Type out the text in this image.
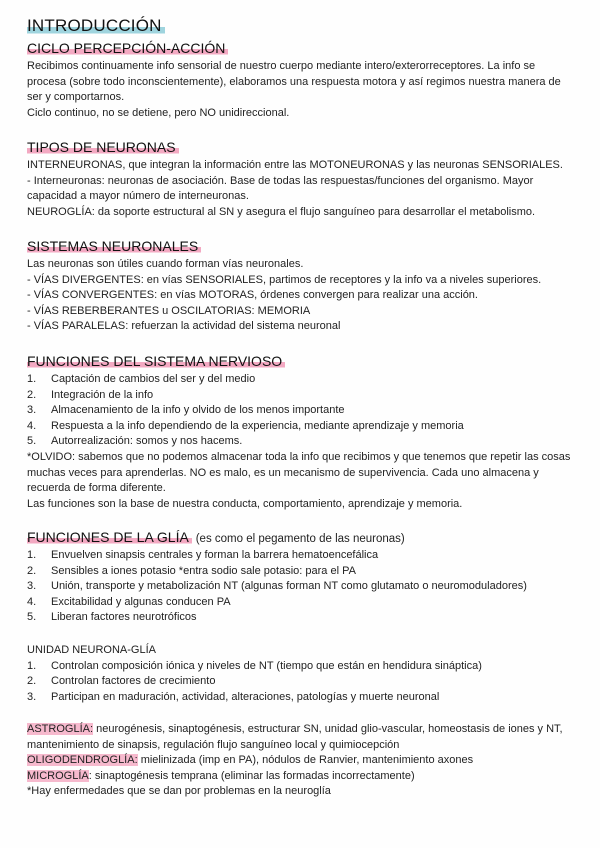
INTRODUCCIÓN
CICLO PERCEPCIÓN-ACCIÓN

Recibimos continuamente info sensorial de nuestro cuerpo mediante intero/exterorreceptores. La info se procesa (sobre todo inconscientemente), elaboramos una respuesta motora y así regimos nuestra manera de ser y comportarnos.

Ciclo continuo, no se detiene, pero NO unidireccional.

TIPOS DE NEURONAS

INTERNEURONAS, que integran la información entre las MOTONEURONAS y las neuronas SENSORIALES.

- Interneuronas: neuronas de asociación. Base de todas las respuestas/funciones del organismo. Mayor capacidad a mayor número de interneuronas.

NEUROGLÍA: da soporte estructural al SN y asegura el flujo sanguíneo para desarrollar el metabolismo.

SISTEMAS NEURONALES

Las neuronas son útiles cuando forman vías neuronales.

- VÍAS DIVERGENTES: en vías SENSORIALES, partimos de receptores y la info va a niveles superiores.

- VÍAS CONVERGENTES: en vías MOTORAS, órdenes convergen para realizar una acción.

- VÍAS REBERBERANTES u OSCILATORIAS: MEMORIA

- VÍAS PARALELAS: refuerzan la actividad del sistema neuronal

FUNCIONES DEL SISTEMA NERVIOSO
1. Captación de cambios del ser y del medio
2. Integración de la info
3. Almacenamiento de la info y olvido de los menos importante
4. Respuesta a la info dependiendo de la experiencia, mediante aprendizaje y memoria
5. Autorrealización: somos y nos hacems.

*OLVIDO: sabemos que no podemos almacenar toda la info que recibimos y que tenemos que repetir las cosas muchas veces para aprenderlas. NO es malo, es un mecanismo de supervivencia. Cada uno almacena y recuerda de forma diferente.

Las funciones son la base de nuestra conducta, comportamiento, aprendizaje y memoria.

FUNCIONES DE LA GLÍA (es como el pegamento de las neuronas)
1. Envuelven sinapsis centrales y forman la barrera hematoencefálica
2. Sensibles a iones potasio *entra sodio sale potasio: para el PA
3. Unión, transporte y metabolización NT (algunas forman NT como glutamato o neuromoduladores)
4. Excitabilidad y algunas conducen PA
5. Liberan factores neurotróficos

UNIDAD NEURONA-GLÍA

1. Controlan composición iónica y niveles de NT (tiempo que están en hendidura sináptica)
2. Controlan factores de crecimiento
3. Participan en maduración, actividad, alteraciones, patologías y muerte neuronal

ASTROGLÍA: neurogénesis, sinaptogénesis, estructurar SN, unidad glio-vascular, homeostasis de iones y NT, mantenimiento de sinapsis, regulación flujo sanguíneo local y quimiocepción

OLIGODENDROGLÍA: mielinizada (imp en PA), nódulos de Ranvier, mantenimiento axones

MICROGLÍA: sinaptogénesis temprana (eliminar las formadas incorrectamente)

*Hay enfermedades que se dan por problemas en la neuroglía
